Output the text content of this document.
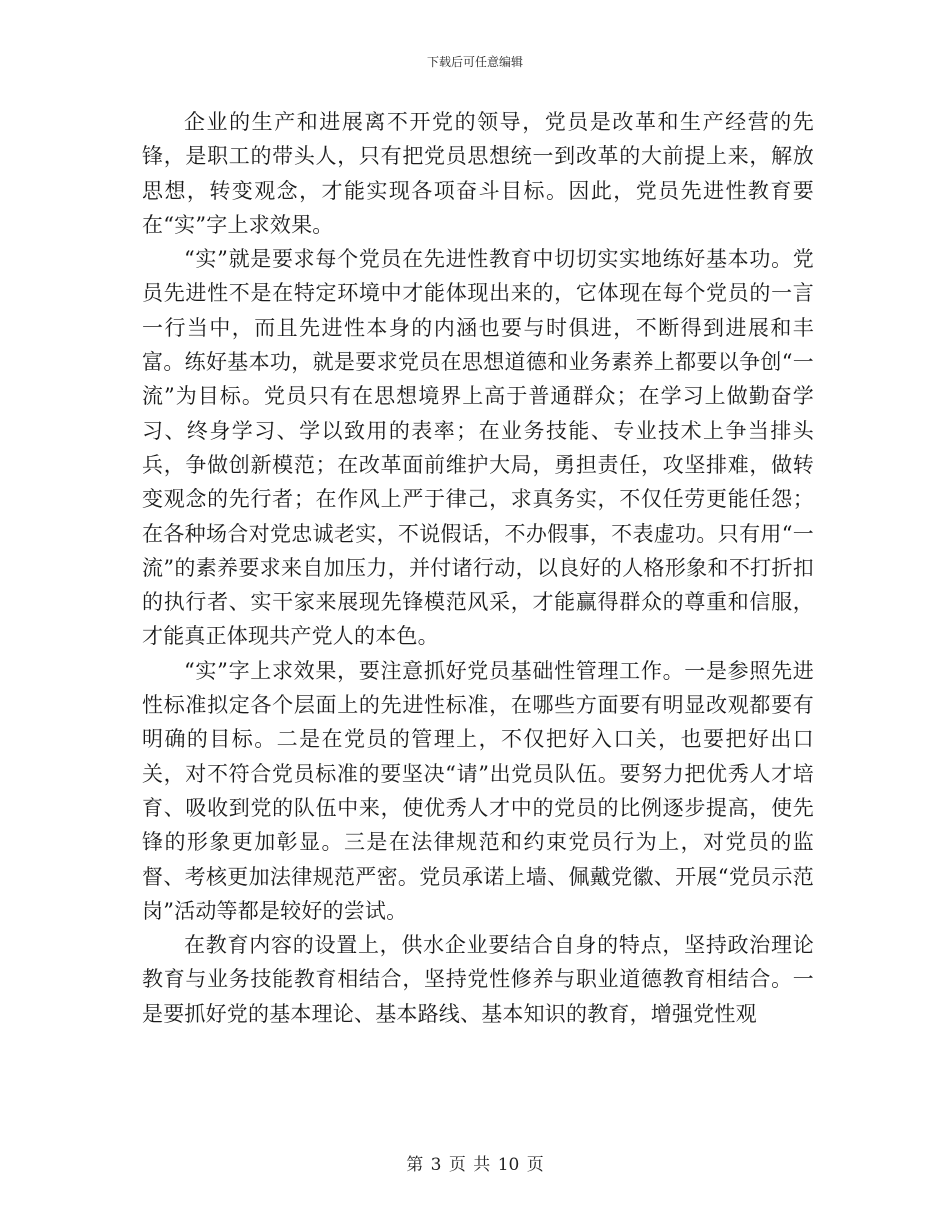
下载后可任意编辑

企业的生产和进展离不开党的领导，党员是改革和生产经营的先锋，是职工的带头人，只有把党员思想统一到改革的大前提上来，解放思想，转变观念，才能实现各项奋斗目标。因此，党员先进性教育要在“实”字上求效果。

“实”就是要求每个党员在先进性教育中切切实实地练好基本功。党员先进性不是在特定环境中才能体现出来的，它体现在每个党员的一言一行当中，而且先进性本身的内涵也要与时俱进，不断得到进展和丰富。练好基本功，就是要求党员在思想道德和业务素养上都要以争创“一流”为目标。党员只有在思想境界上高于普通群众；在学习上做勤奋学习、终身学习、学以致用的表率；在业务技能、专业技术上争当排头兵，争做创新模范；在改革面前维护大局，勇担责任，攻坚排难，做转变观念的先行者；在作风上严于律己，求真务实，不仅任劳更能任怨；在各种场合对党忠诚老实，不说假话，不办假事，不表虚功。只有用“一流”的素养要求来自加压力，并付诸行动，以良好的人格形象和不打折扣的执行者、实干家来展现先锋模范风采，才能赢得群众的尊重和信服，才能真正体现共产党人的本色。

“实”字上求效果，要注意抓好党员基础性管理工作。一是参照先进性标准拟定各个层面上的先进性标准，在哪些方面要有明显改观都要有明确的目标。二是在党员的管理上，不仅把好入口关，也要把好出口关，对不符合党员标准的要坚决“请”出党员队伍。要努力把优秀人才培育、吸收到党的队伍中来，使优秀人才中的党员的比例逐步提高，使先锋的形象更加彰显。三是在法律规范和约束党员行为上，对党员的监督、考核更加法律规范严密。党员承诺上墙、佩戴党徽、开展“党员示范岗”活动等都是较好的尝试。

在教育内容的设置上，供水企业要结合自身的特点，坚持政治理论教育与业务技能教育相结合，坚持党性修养与职业道德教育相结合。一是要抓好党的基本理论、基本路线、基本知识的教育，增强党性观

第 3 页 共 10 页
